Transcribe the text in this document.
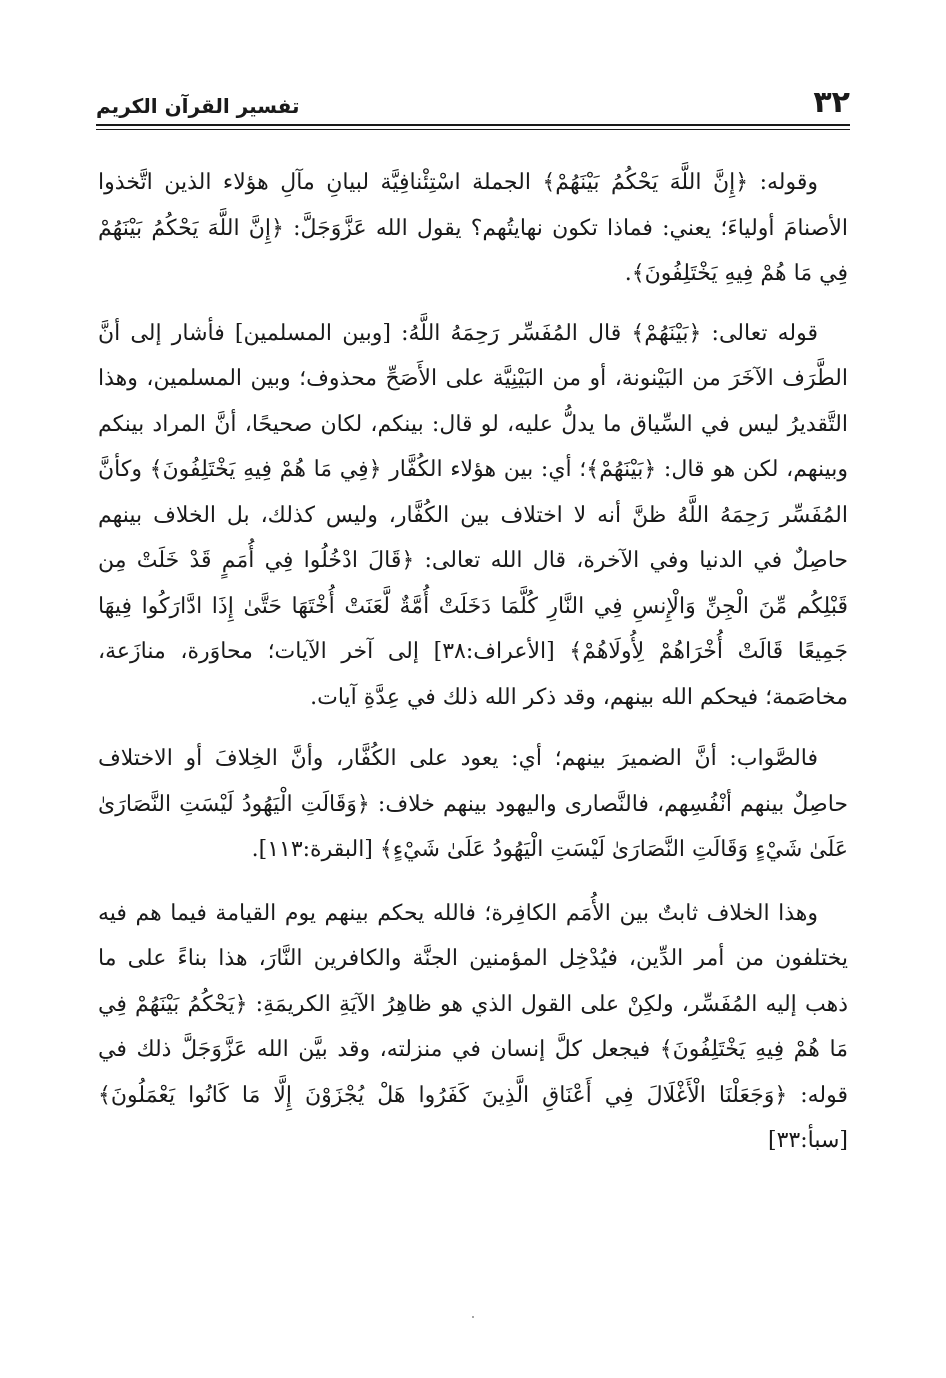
٣٢
تفسير القرآن الكريم

وقوله: ﴿إِنَّ اللَّهَ يَحْكُمُ بَيْنَهُمْ﴾ الجملة اسْتِئْنافِيَّة لبيانِ مآلِ هؤلاء الذين اتَّخذوا الأصنامَ أولياءَ؛ يعني: فماذا تكون نهايتُهم؟ يقول الله عَزَّوَجَلَّ: ﴿إِنَّ اللَّهَ يَحْكُمُ بَيْنَهُمْ فِي مَا هُمْ فِيهِ يَخْتَلِفُونَ﴾.

قوله تعالى: ﴿بَيْنَهُمْ﴾ قال المُفَسِّر رَحِمَهُ اللَّهُ: [وبين المسلمين] فأشار إلى أنَّ الطَّرَف الآخَرَ من البَيْنونة، أو من البَيْنِيَّة على الأَصَحِّ محذوف؛ وبين المسلمين، وهذا التَّقديرُ ليس في السِّياق ما يدلُّ عليه، لو قال: بينكم، لكان صحيحًا، أنَّ المراد بينكم وبينهم، لكن هو قال: ﴿بَيْنَهُمْ﴾؛ أي: بين هؤلاء الكُفَّار ﴿فِي مَا هُمْ فِيهِ يَخْتَلِفُونَ﴾ وكأنَّ المُفَسِّر رَحِمَهُ اللَّهُ ظنَّ أنه لا اختلاف بين الكُفَّار، وليس كذلك، بل الخلاف بينهم حاصِلٌ في الدنيا وفي الآخرة، قال الله تعالى: ﴿قَالَ ادْخُلُوا فِي أُمَمٍ قَدْ خَلَتْ مِن قَبْلِكُم مِّنَ الْجِنِّ وَالْإِنسِ فِي النَّارِ كُلَّمَا دَخَلَتْ أُمَّةٌ لَّعَنَتْ أُخْتَهَا حَتَّىٰ إِذَا ادَّارَكُوا فِيهَا جَمِيعًا قَالَتْ أُخْرَاهُمْ لِأُولَاهُمْ﴾ [الأعراف:٣٨] إلى آخر الآيات؛ محاوَرة، منازَعة، مخاصَمة؛ فيحكم الله بينهم، وقد ذكر الله ذلك في عِدَّةِ آيات.

فالصَّواب: أنَّ الضميرَ بينهم؛ أي: يعود على الكُفَّار، وأنَّ الخِلافَ أو الاختلاف حاصِلٌ بينهم أنْفُسِهم، فالنَّصارى واليهود بينهم خلاف: ﴿وَقَالَتِ الْيَهُودُ لَيْسَتِ النَّصَارَىٰ عَلَىٰ شَيْءٍ وَقَالَتِ النَّصَارَىٰ لَيْسَتِ الْيَهُودُ عَلَىٰ شَيْءٍ﴾ [البقرة:١١٣].

وهذا الخلاف ثابتٌ بين الأُمَم الكافِرة؛ فالله يحكم بينهم يوم القيامة فيما هم فيه يختلفون من أمر الدِّين، فيُدْخِل المؤمنين الجنَّة والكافرين النَّارَ، هذا بناءً على ما ذهب إليه المُفَسِّر، ولكِنْ على القول الذي هو ظاهِرُ الآيَةِ الكريمَةِ: ﴿يَحْكُمُ بَيْنَهُمْ فِي مَا هُمْ فِيهِ يَخْتَلِفُونَ﴾ فيجعل كلَّ إنسان في منزلته، وقد بيَّن الله عَزَّوَجَلَّ ذلك في قوله: ﴿وَجَعَلْنَا الْأَغْلَالَ فِي أَعْنَاقِ الَّذِينَ كَفَرُوا هَلْ يُجْزَوْنَ إِلَّا مَا كَانُوا يَعْمَلُونَ﴾ [سبأ:٣٣]
